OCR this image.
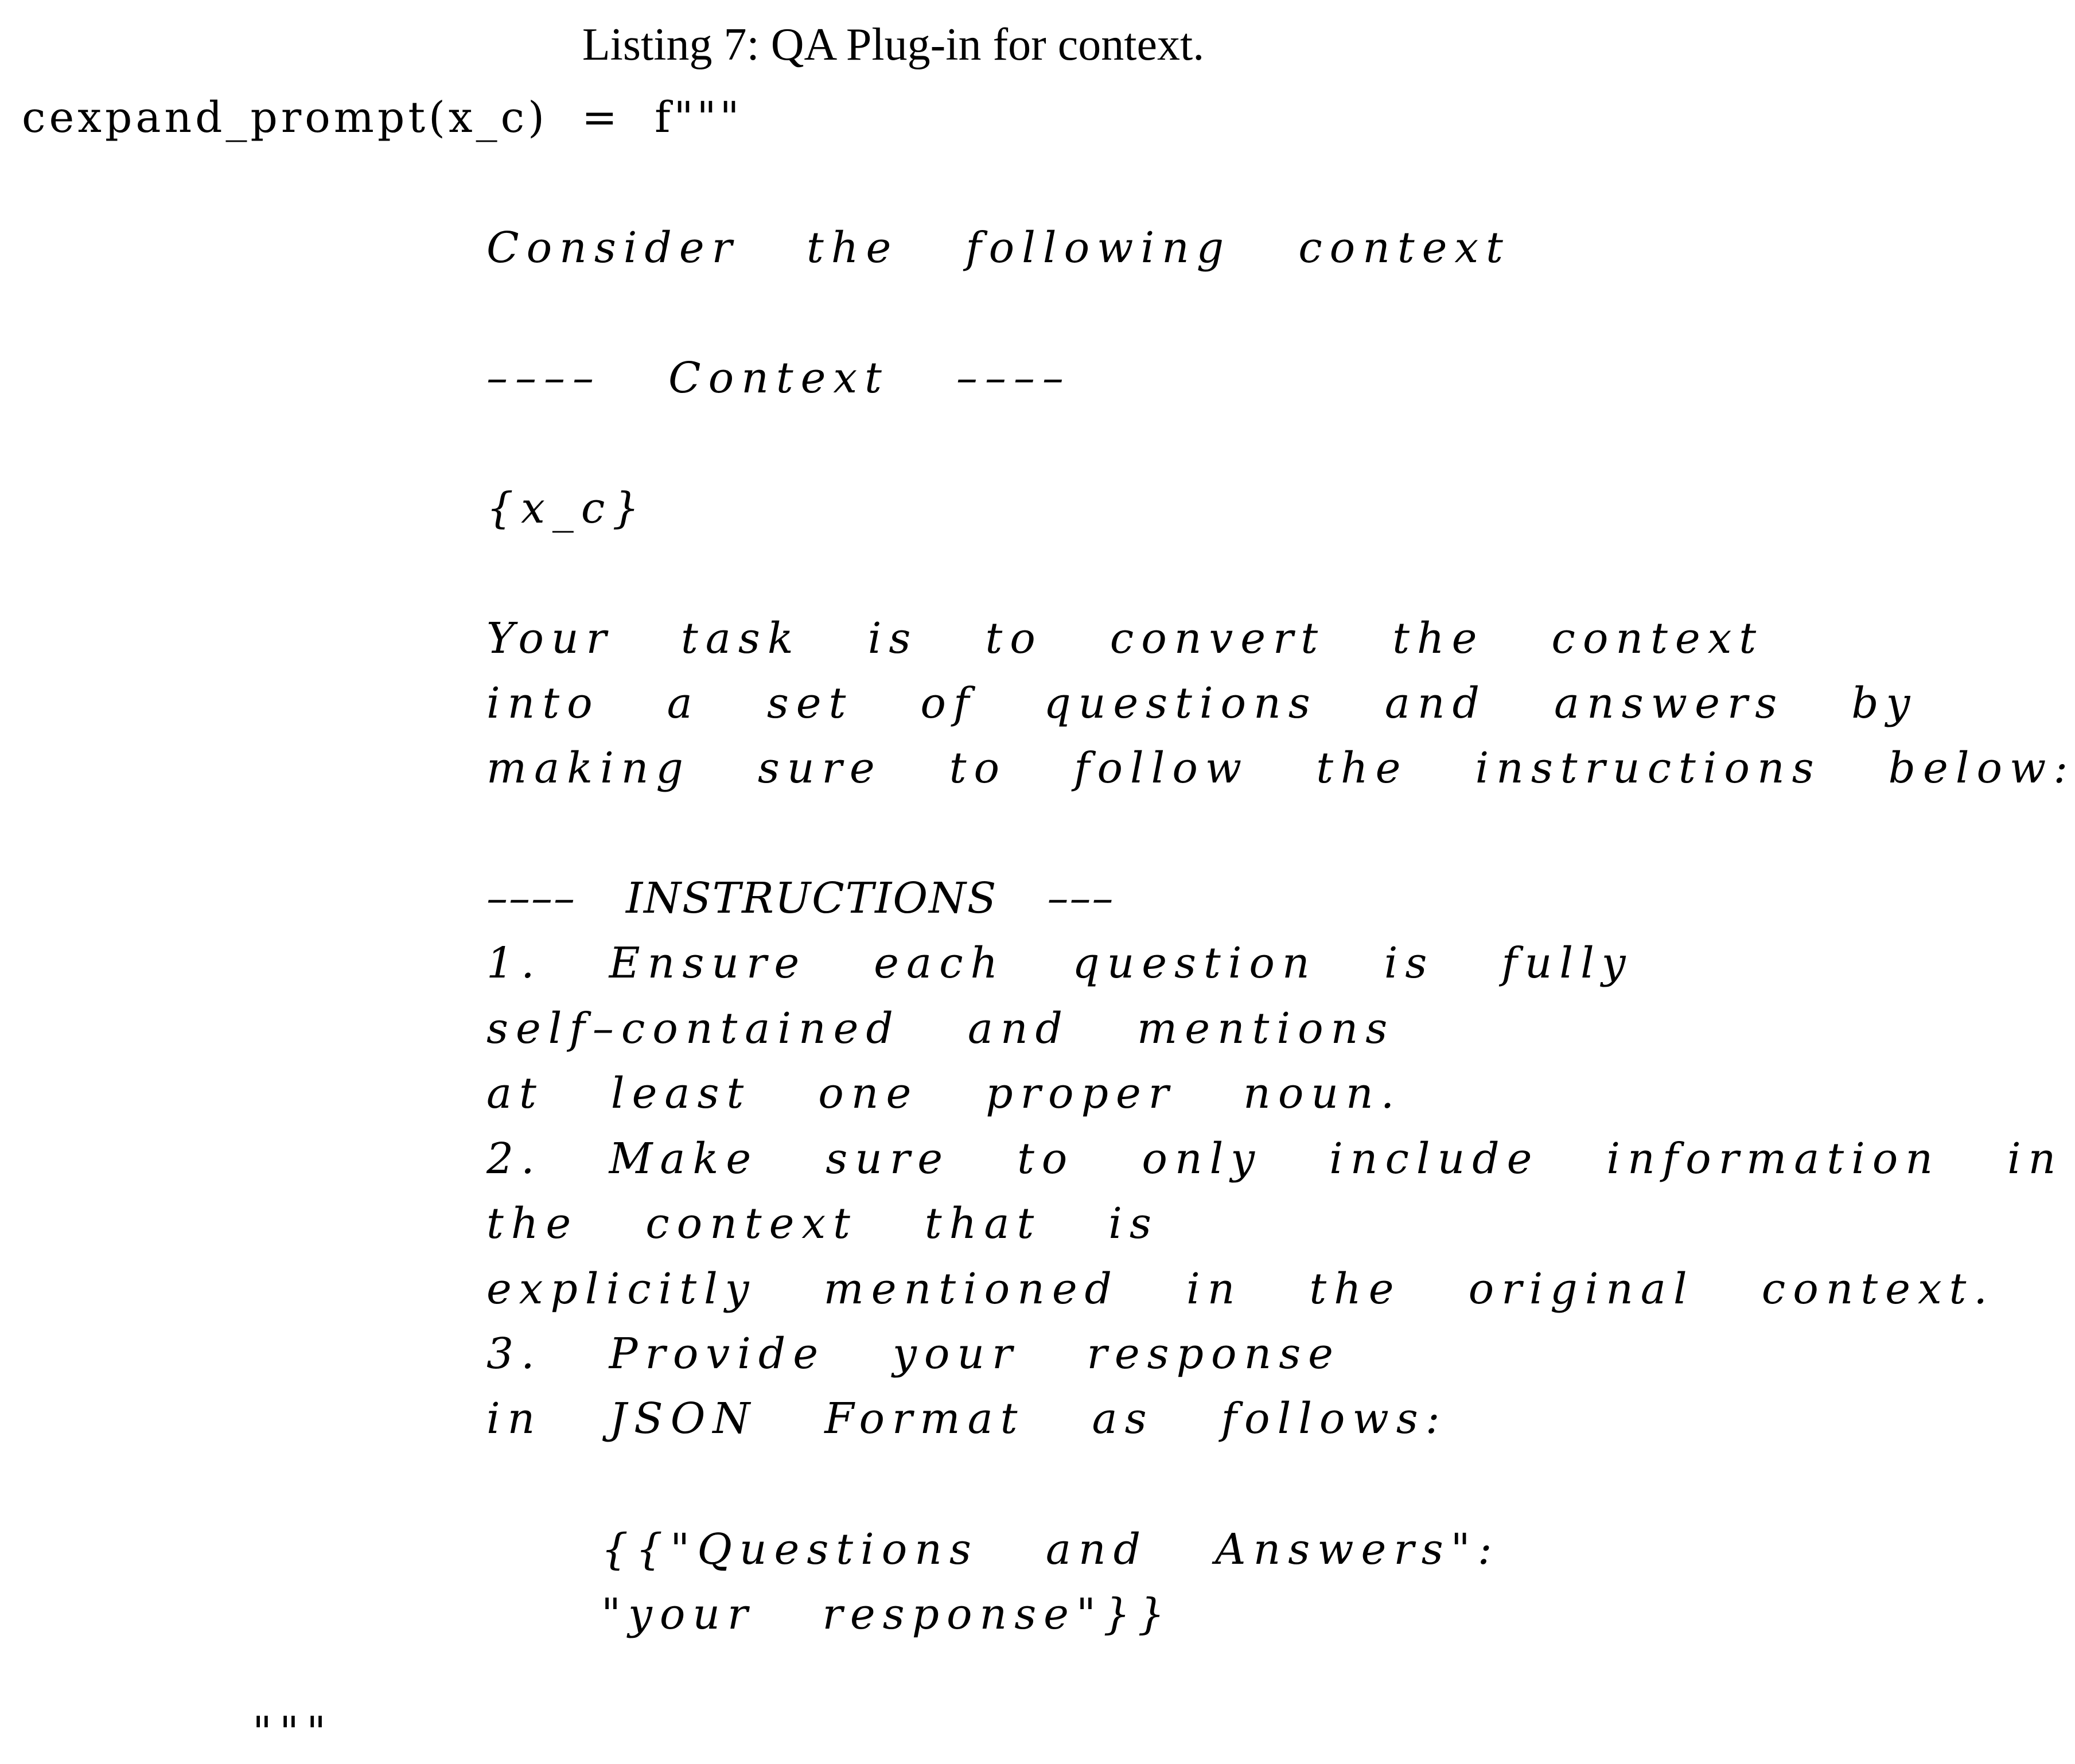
Listing 7: QA Plug-in for context.
cexpand_prompt(x_c)  =  f"""
Consider  the  following  context
––––  Context  ––––
{x_c}
Your  task  is  to  convert  the  context
into  a  set  of  questions  and  answers  by
making  sure  to  follow  the  instructions  below:
––––  INSTRUCTIONS  –––
1.  Ensure  each  question  is  fully
self–contained  and  mentions
at  least  one  proper  noun.
2.  Make  sure  to  only  include  information  in
the  context  that  is
explicitly  mentioned  in  the  original  context.
3.  Provide  your  response
in  JSON  Format  as  follows:
{{"Questions  and  Answers":
"your  response"}}
"""
